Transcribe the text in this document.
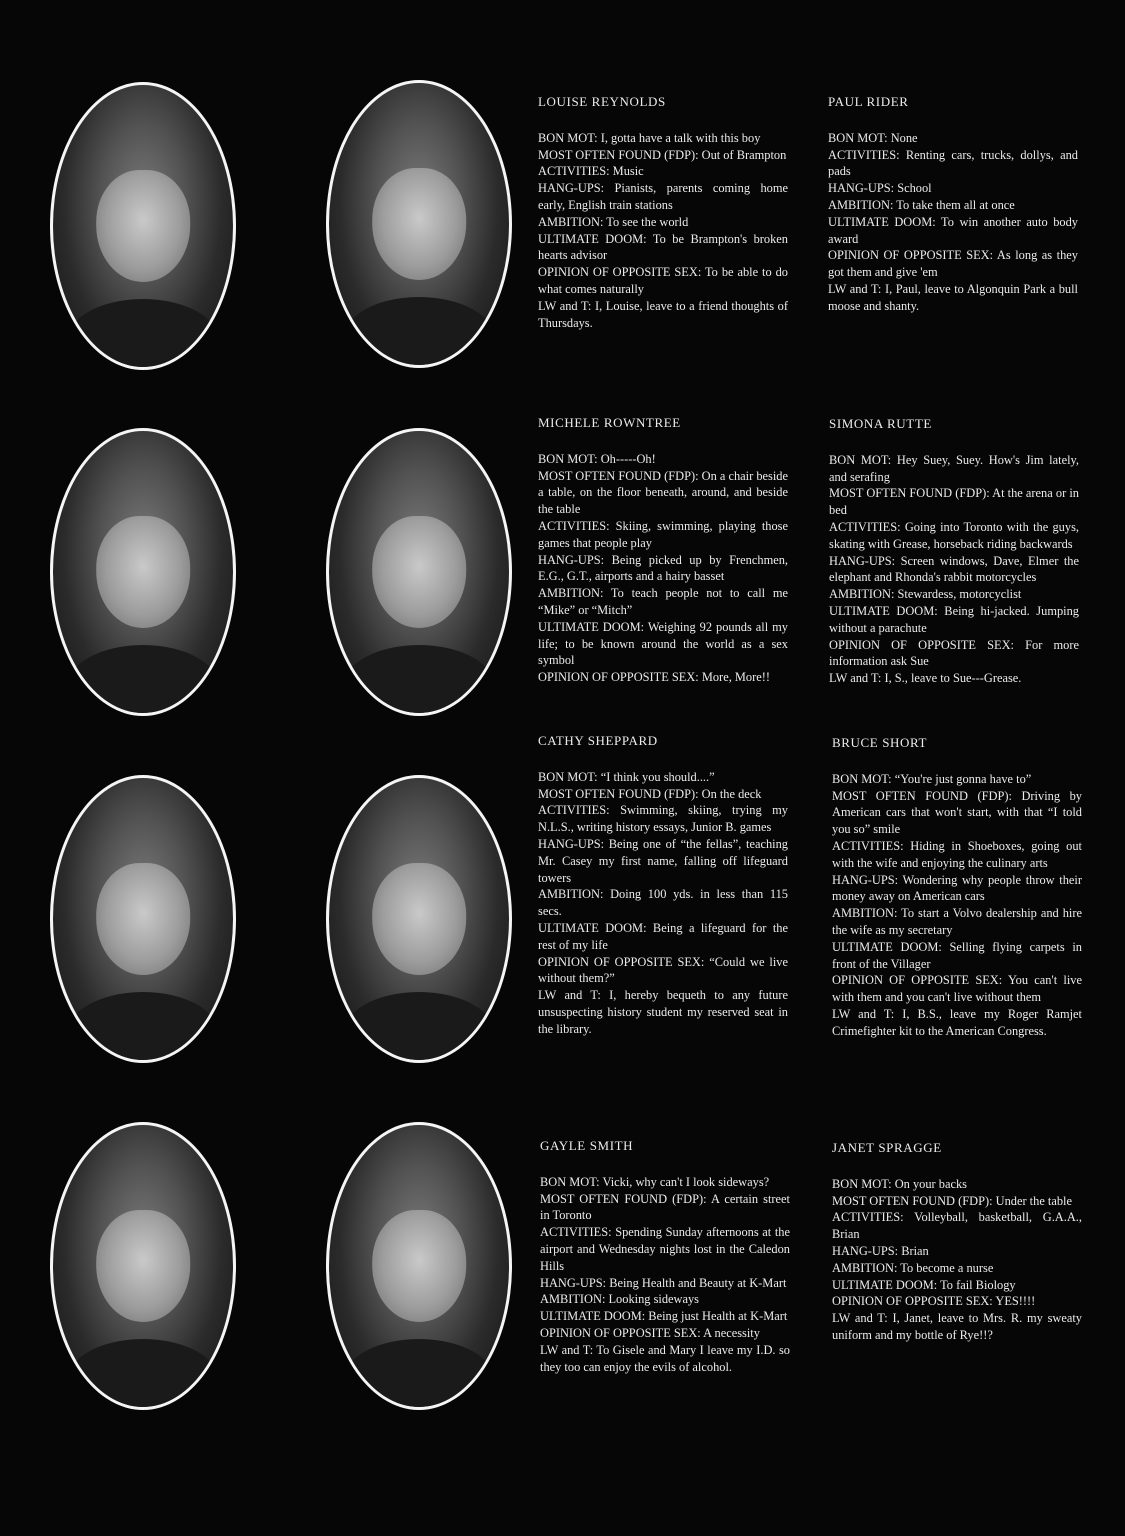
LOUISE REYNOLDS
BON MOT: I, gotta have a talk with this boy
MOST OFTEN FOUND (FDP): Out of Brampton
ACTIVITIES: Music
HANG-UPS: Pianists, parents coming home early, English train stations
AMBITION: To see the world
ULTIMATE DOOM: To be Brampton's broken hearts advisor
OPINION OF OPPOSITE SEX: To be able to do what comes naturally
LW and T: I, Louise, leave to a friend thoughts of Thursdays.
PAUL RIDER
BON MOT: None
ACTIVITIES: Renting cars, trucks, dollys, and pads
HANG-UPS: School
AMBITION: To take them all at once
ULTIMATE DOOM: To win another auto body award
OPINION OF OPPOSITE SEX: As long as they got them and give 'em
LW and T: I, Paul, leave to Algonquin Park a bull moose and shanty.
MICHELE ROWNTREE
BON MOT: Oh-----Oh!
MOST OFTEN FOUND (FDP): On a chair beside a table, on the floor beneath, around, and beside the table
ACTIVITIES: Skiing, swimming, playing those games that people play
HANG-UPS: Being picked up by Frenchmen, E.G., G.T., airports and a hairy basset
AMBITION: To teach people not to call me “Mike” or “Mitch”
ULTIMATE DOOM: Weighing 92 pounds all my life; to be known around the world as a sex symbol
OPINION OF OPPOSITE SEX: More, More!!
SIMONA RUTTE
BON MOT: Hey Suey, Suey. How's Jim lately, and serafing
MOST OFTEN FOUND (FDP): At the arena or in bed
ACTIVITIES: Going into Toronto with the guys, skating with Grease, horseback riding backwards
HANG-UPS: Screen windows, Dave, Elmer the elephant and Rhonda's rabbit motorcycles
AMBITION: Stewardess, motorcyclist
ULTIMATE DOOM: Being hi-jacked. Jumping without a parachute
OPINION OF OPPOSITE SEX: For more information ask Sue
LW and T: I, S., leave to Sue---Grease.
CATHY SHEPPARD
BON MOT: “I think you should....”
MOST OFTEN FOUND (FDP): On the deck
ACTIVITIES: Swimming, skiing, trying my N.L.S., writing history essays, Junior B. games
HANG-UPS: Being one of “the fellas”, teaching Mr. Casey my first name, falling off lifeguard towers
AMBITION: Doing 100 yds. in less than 115 secs.
ULTIMATE DOOM: Being a lifeguard for the rest of my life
OPINION OF OPPOSITE SEX: “Could we live without them?”
LW and T: I, hereby bequeth to any future unsuspecting history student my reserved seat in the library.
BRUCE SHORT
BON MOT: “You're just gonna have to”
MOST OFTEN FOUND (FDP): Driving by American cars that won't start, with that “I told you so” smile
ACTIVITIES: Hiding in Shoeboxes, going out with the wife and enjoying the culinary arts
HANG-UPS: Wondering why people throw their money away on American cars
AMBITION: To start a Volvo dealership and hire the wife as my secretary
ULTIMATE DOOM: Selling flying carpets in front of the Villager
OPINION OF OPPOSITE SEX: You can't live with them and you can't live without them
LW and T: I, B.S., leave my Roger Ramjet Crimefighter kit to the American Congress.
GAYLE SMITH
BON MOT: Vicki, why can't I look sideways?
MOST OFTEN FOUND (FDP): A certain street in Toronto
ACTIVITIES: Spending Sunday afternoons at the airport and Wednesday nights lost in the Caledon Hills
HANG-UPS: Being Health and Beauty at K-Mart
AMBITION: Looking sideways
ULTIMATE DOOM: Being just Health at K-Mart
OPINION OF OPPOSITE SEX: A necessity
LW and T: To Gisele and Mary I leave my I.D. so they too can enjoy the evils of alcohol.
JANET SPRAGGE
BON MOT: On your backs
MOST OFTEN FOUND (FDP): Under the table
ACTIVITIES: Volleyball, basketball, G.A.A., Brian
HANG-UPS: Brian
AMBITION: To become a nurse
ULTIMATE DOOM: To fail Biology
OPINION OF OPPOSITE SEX: YES!!!!
LW and T: I, Janet, leave to Mrs. R. my sweaty uniform and my bottle of Rye!!?
